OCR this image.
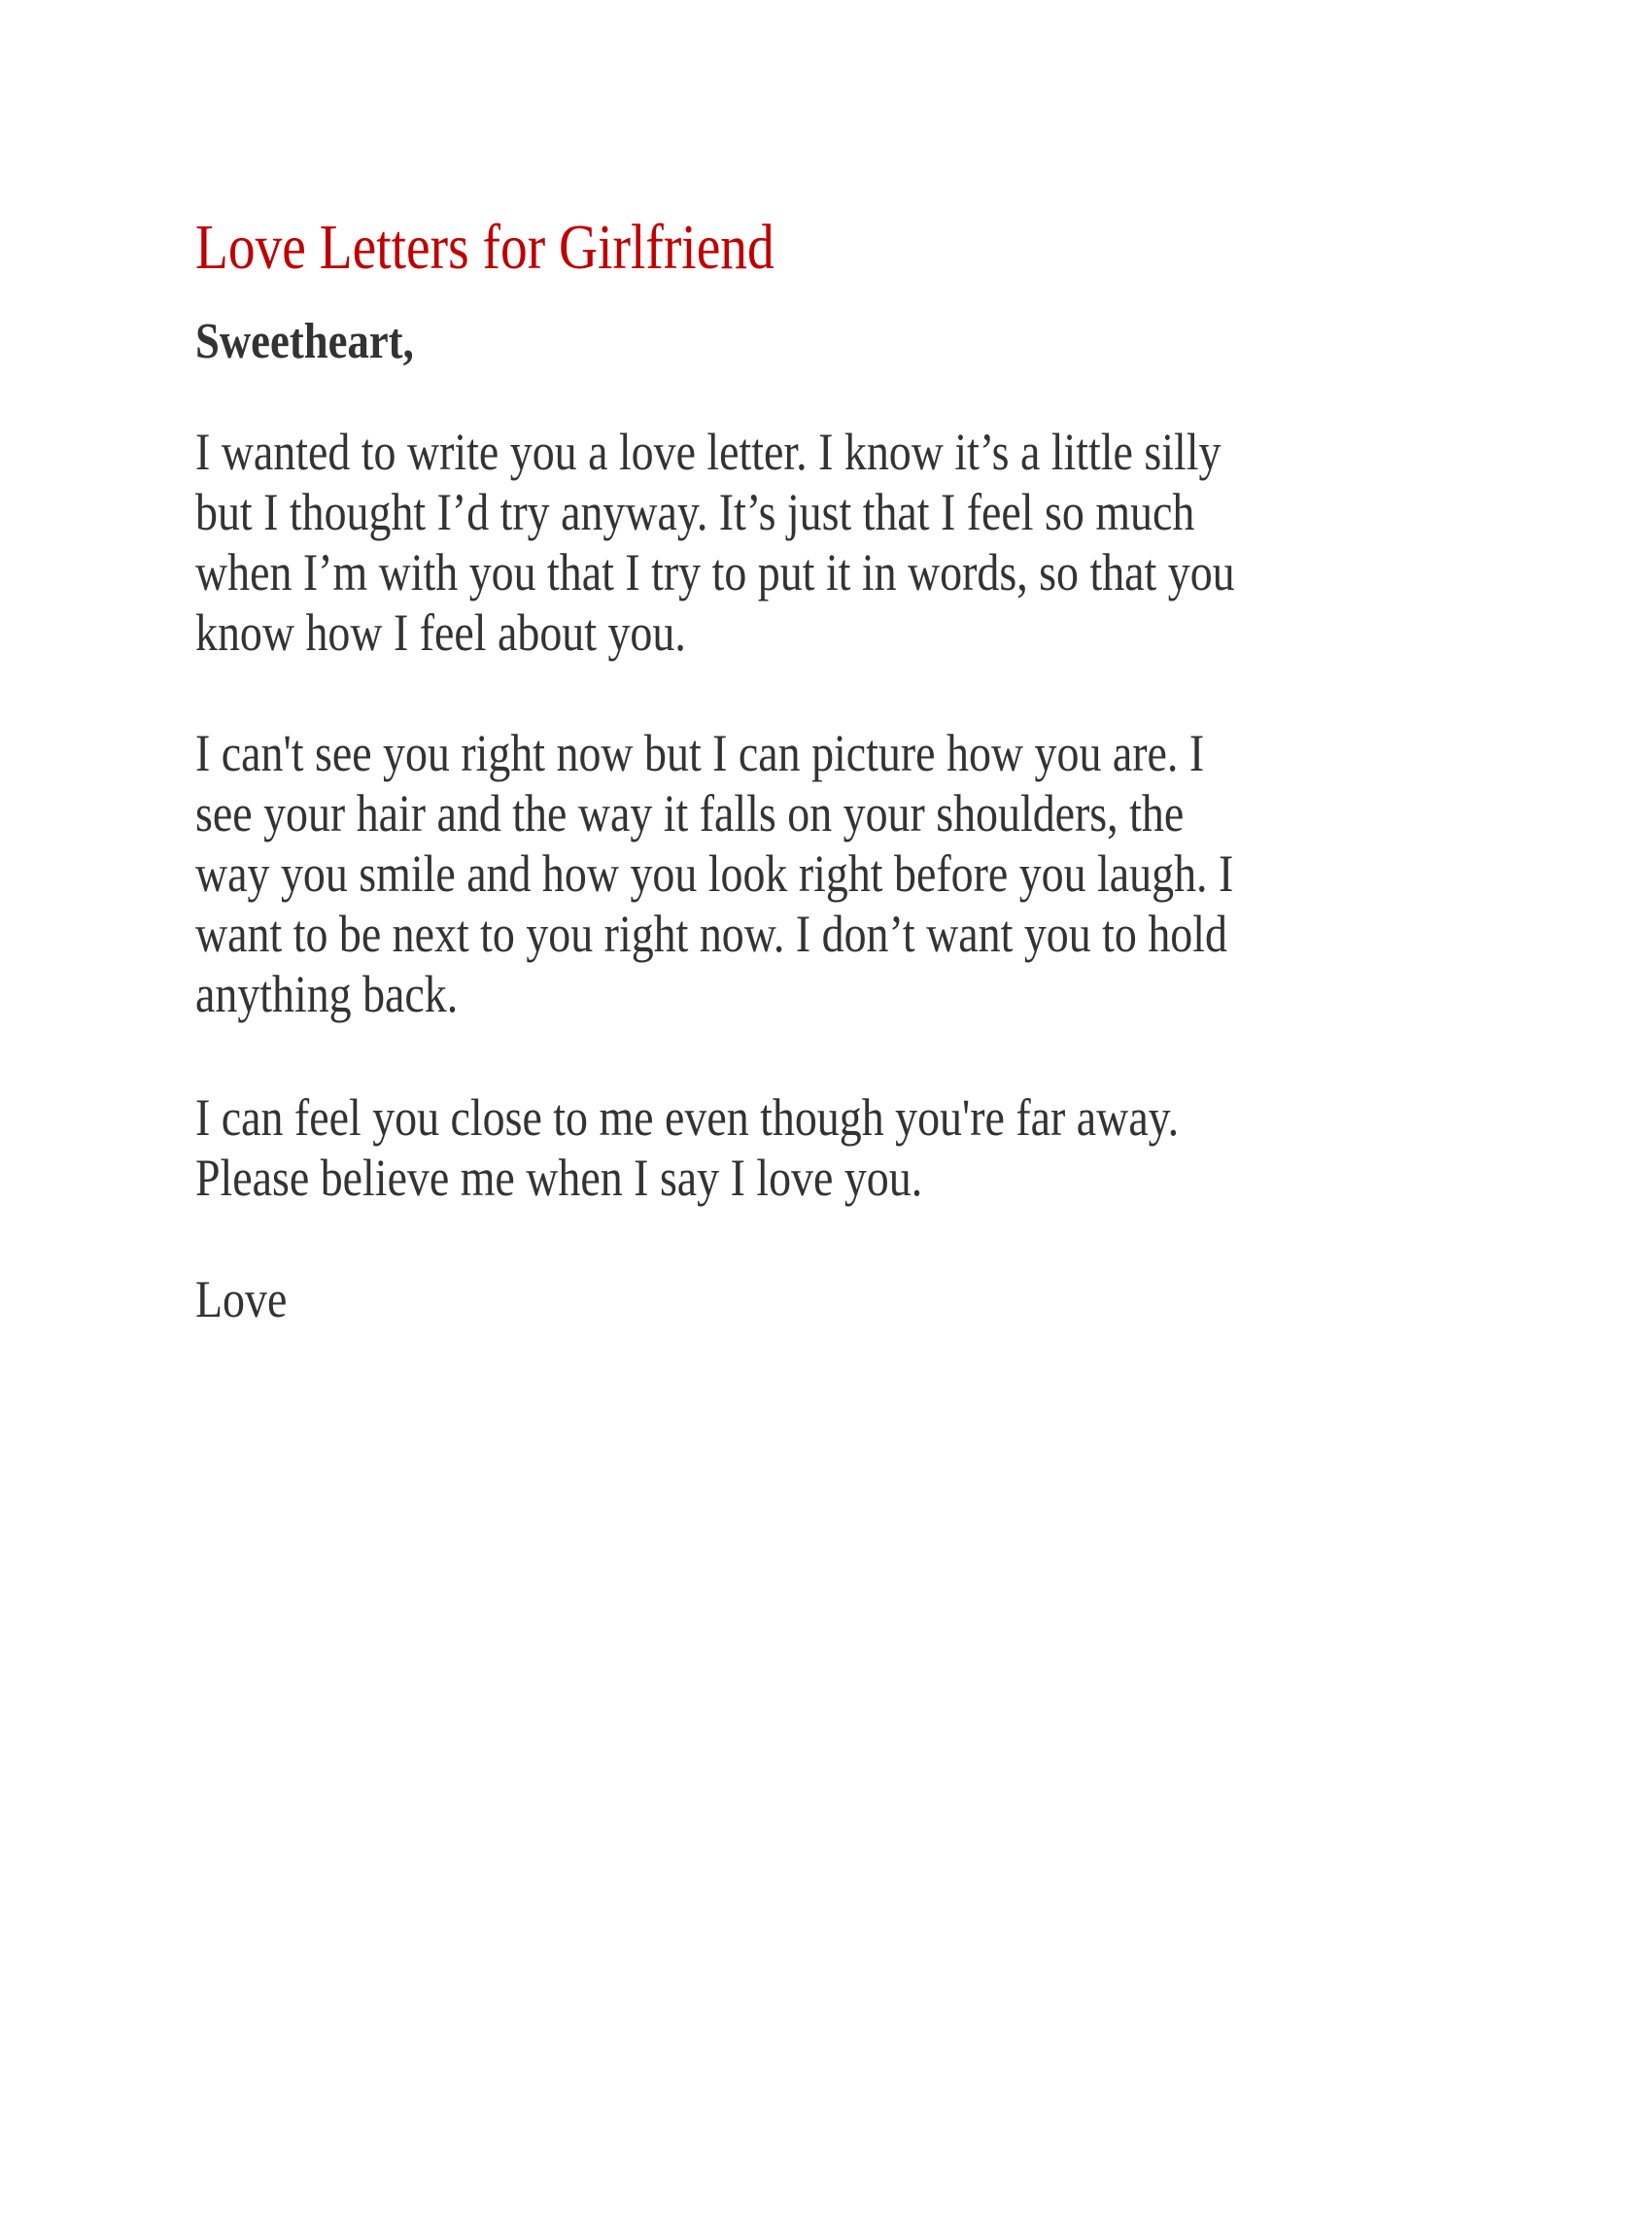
Love Letters for Girlfriend
Sweetheart,
I wanted to write you a love letter. I know it’s a little silly
but I thought I’d try anyway. It’s just that I feel so much
when I’m with you that I try to put it in words, so that you
know how I feel about you.
I can't see you right now but I can picture how you are. I
see your hair and the way it falls on your shoulders, the
way you smile and how you look right before you laugh. I
want to be next to you right now. I don’t want you to hold
anything back.
I can feel you close to me even though you're far away.
Please believe me when I say I love you.
Love
